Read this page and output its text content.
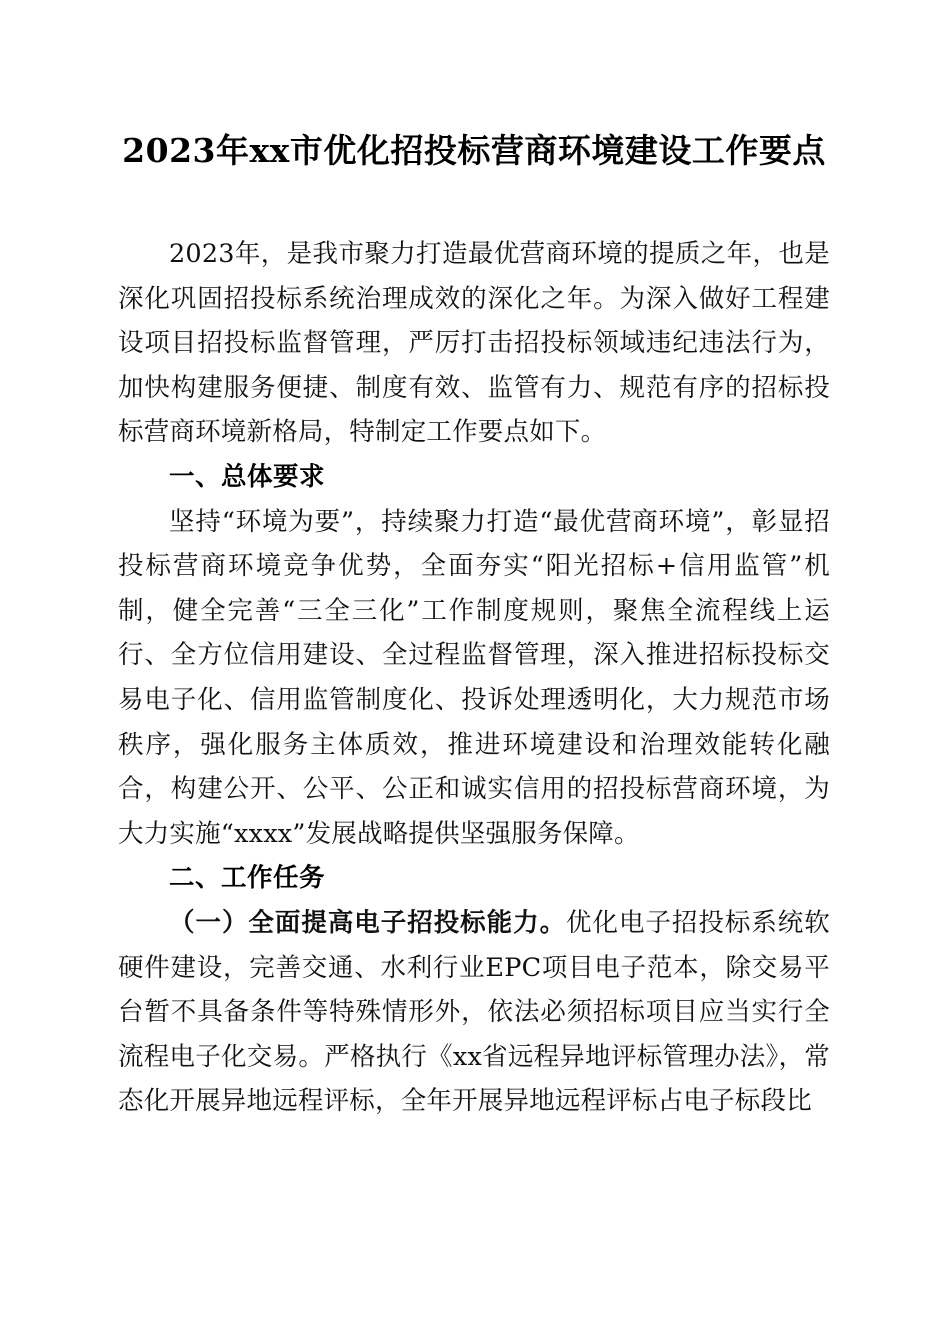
2023年xx市优化招投标营商环境建设工作要点

2023年，是我市聚力打造最优营商环境的提质之年，也是深化巩固招投标系统治理成效的深化之年。为深入做好工程建设项目招投标监督管理，严厉打击招投标领域违纪违法行为，加快构建服务便捷、制度有效、监管有力、规范有序的招标投标营商环境新格局，特制定工作要点如下。

一、总体要求

坚持“环境为要”，持续聚力打造“最优营商环境”，彰显招投标营商环境竞争优势，全面夯实“阳光招标+信用监管”机制，健全完善“三全三化”工作制度规则，聚焦全流程线上运行、全方位信用建设、全过程监督管理，深入推进招标投标交易电子化、信用监管制度化、投诉处理透明化，大力规范市场秩序，强化服务主体质效，推进环境建设和治理效能转化融合，构建公开、公平、公正和诚实信用的招投标营商环境，为大力实施“xxxx”发展战略提供坚强服务保障。

二、工作任务

（一）全面提高电子招投标能力。优化电子招投标系统软硬件建设，完善交通、水利行业EPC项目电子范本，除交易平台暂不具备条件等特殊情形外，依法必须招标项目应当实行全流程电子化交易。严格执行《xx省远程异地评标管理办法》，常态化开展异地远程评标，全年开展异地远程评标占电子标段比
